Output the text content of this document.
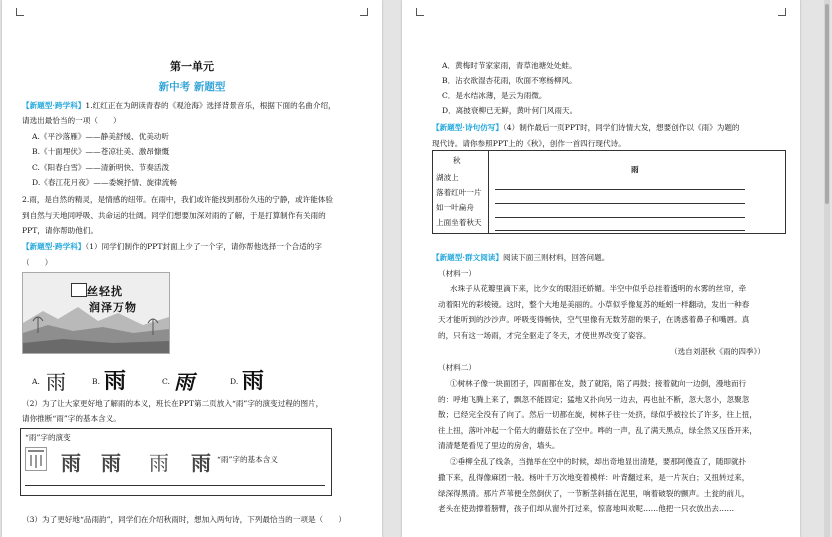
第一单元
新中考 新题型
【新题型·跨学科】1.红红正在为朗读青春的《观沧海》选择背景音乐，根据下面的名曲介绍，
请选出最恰当的一项（　　）
A.《平沙落雁》——静美舒缓、优美动听
B.《十面埋伏》——苍凉壮美、激昂慷慨
C.《阳春白雪》——清新明快、节奏活泼
D.《春江花月夜》——委婉抒情、旋律流畅
2.雨，是自然的精灵，是情感的纽带。在雨中，我们或许能找到那份久违的宁静，或许能体验
到自然与天地同呼吸、共命运的壮阔。同学们想要加深对雨的了解，于是打算制作有关雨的
PPT，请你帮助他们。
【新题型·跨学科】（1）同学们制作的PPT封面上少了一个字，请你帮他选择一个合适的字
（　　）
丝轻扰
润泽万物
A. 雨	B. 雨	C. 雨	D. 雨
（2）为了让大家更好地了解雨的本义，班长在PPT第二页放入“雨”字的演变过程的图片，
请你推断“雨”字的基本含义。
“雨”字的演变
雨 雨 雨 雨 “雨”字的基本含义
（3）为了更好地“品雨韵”，同学们在介绍秋雨时，想加入两句诗，下列最恰当的一项是（　　）
A．黄梅时节家家雨，青草池塘处处蛙。
B．沾衣欲湿杏花雨，吹面不寒杨柳风。
C．是水结冰薄，是云为雨微。
D．离披衰柳已无鲜，黄叶何门风雨天。
【新题型·诗句仿写】（4）制作最后一页PPT时，同学们诗情大发，想要创作以《雨》为题的
现代诗。请你参照PPT上的《秋》，创作一首四行现代诗。
秋
湖波上
落着红叶一片
如一叶扁舟
上面坐着秋天
雨
【新题型·群文阅读】阅读下面三则材料，回答问题。
（材料一）
水珠子从花瓣里滴下来，比少女的眼泪还娇媚。半空中似乎总挂着透明的水雾的丝帘，牵
动着阳光的彩棱镜。这时，整个大地是美丽的。小草似乎像复苏的蚯蚓一样翻动，发出一种春
天才能听到的沙沙声。呼吸变得畅快，空气里像有无数芳甜的果子，在诱惑着鼻子和嘴唇。真
的，只有这一场雨，才完全驱走了冬天，才使世界改变了姿容。
（选自刘湛秋《雨的四季》）
（材料二）
①树林子像一块面团子，四面都在发，鼓了就陷，陷了再鼓；接着就向一边倒，漫地而行
的：呼地飞腾上来了，飘忽不能固定；猛地又扑向另一边去，再也扯不断，忽大忽小，忽聚忽
散；已经完全没有了向了。然后一切都在旋，树林子往一处挤，绿似乎被拉长了许多，往上扭，
往上扭，落叶冲起一个偌大的蘑菇长在了空中。哗的一声，乱了满天黑点，绿全然又压昏开来，
清清楚楚看见了里边的房舍，墙头。
②垂柳全乱了线条，当抛举在空中的时候，却出奇地显出清楚，要那阿傻直了，随即就扑
撒下来，乱得像麻团一般。杨叶千万次地变着模样：叶背翻过来，是一片灰白；又扭转过来，
绿深得黑清。那片芦苇便全然倒伏了，一节断茎斜插在泥里，响着破裂的颤声。土瓮的前儿，
老头在使劲撑着膀臂，孩子们却从窗外打过来，惊喜地叫欢呢……他把一只衣放出去……
